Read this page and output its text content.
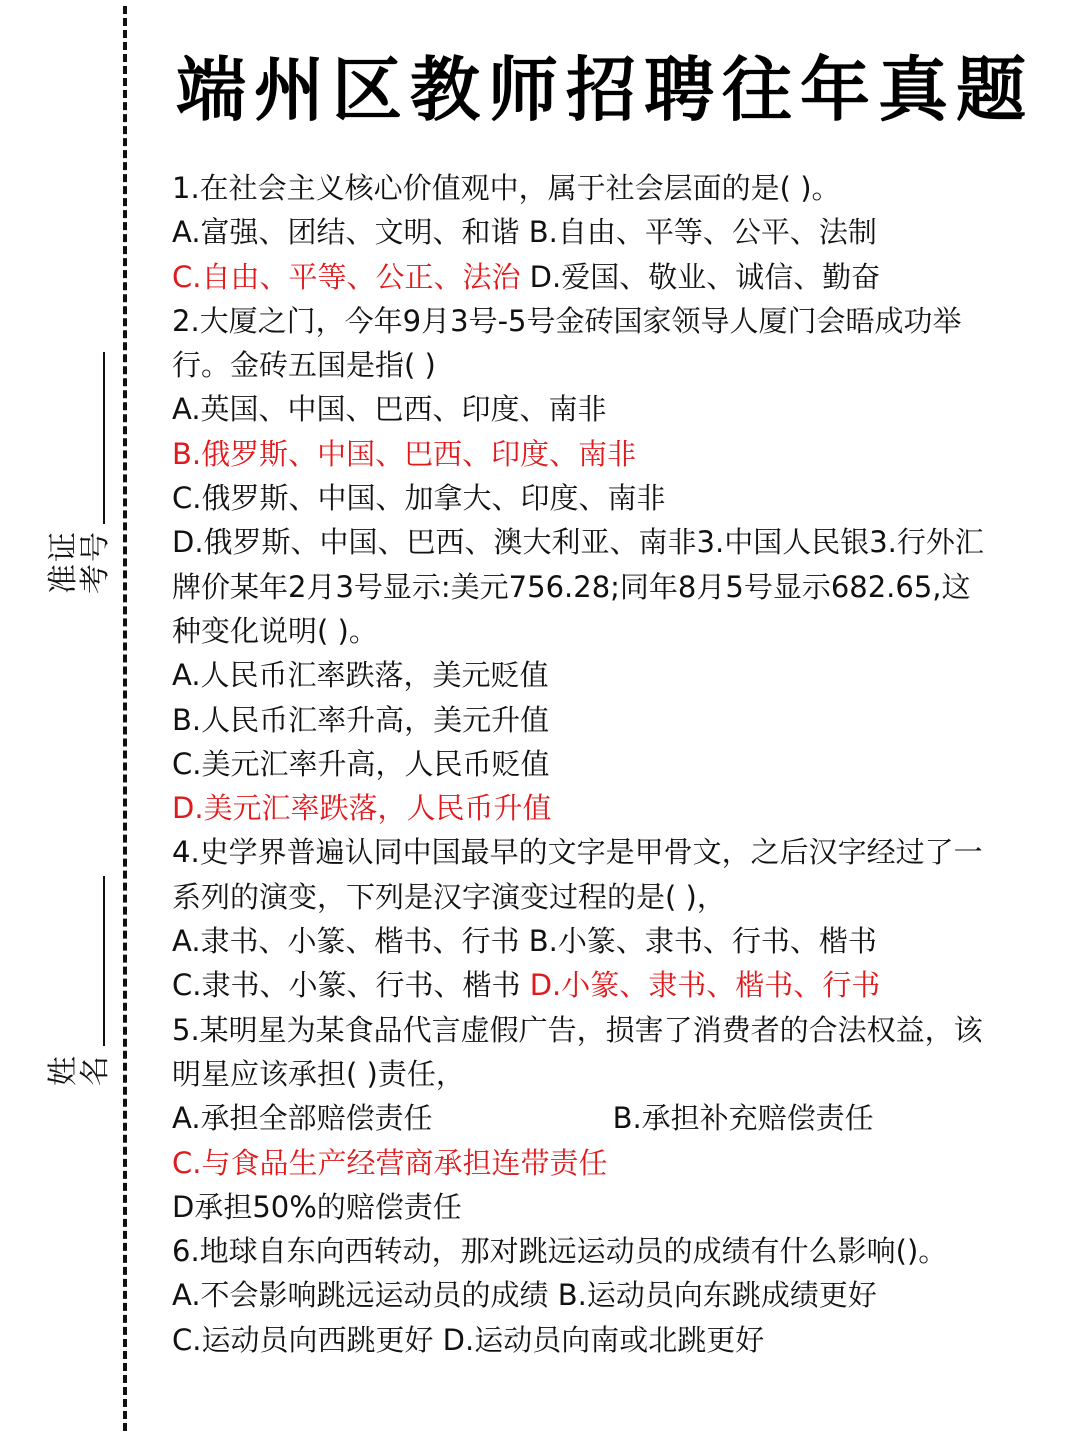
准证
考号
姓
名
端州区教师招聘往年真题
1.在社会主义核心价值观中，属于社会层面的是( )。
A.富强、团结、文明、和谐 B.自由、平等、公平、法制
C.自由、平等、公正、法治 D.爱国、敬业、诚信、勤奋
2.大厦之门，今年9月3号-5号金砖国家领导人厦门会晤成功举
行。金砖五国是指( )
A.英国、中国、巴西、印度、南非
B.俄罗斯、中国、巴西、印度、南非
C.俄罗斯、中国、加拿大、印度、南非
D.俄罗斯、中国、巴西、澳大利亚、南非3.中国人民银3.行外汇
牌价某年2月3号显示:美元756.28;同年8月5号显示682.65,这
种变化说明( )。
A.人民币汇率跌落，美元贬值
B.人民币汇率升高，美元升值
C.美元汇率升高，人民币贬值
D.美元汇率跌落，人民币升值
4.史学界普遍认同中国最早的文字是甲骨文，之后汉字经过了一
系列的演变，下列是汉字演变过程的是( )，
A.隶书、小篆、楷书、行书 B.小篆、隶书、行书、楷书
C.隶书、小篆、行书、楷书 D.小篆、隶书、楷书、行书
5.某明星为某食品代言虚假广告，损害了消费者的合法权益，该
明星应该承担( )责任，
A.承担全部赔偿责任	B.承担补充赔偿责任
C.与食品生产经营商承担连带责任
D承担50%的赔偿责任
6.地球自东向西转动，那对跳远运动员的成绩有什么影响()。
A.不会影响跳远运动员的成绩 B.运动员向东跳成绩更好
C.运动员向西跳更好 D.运动员向南或北跳更好
